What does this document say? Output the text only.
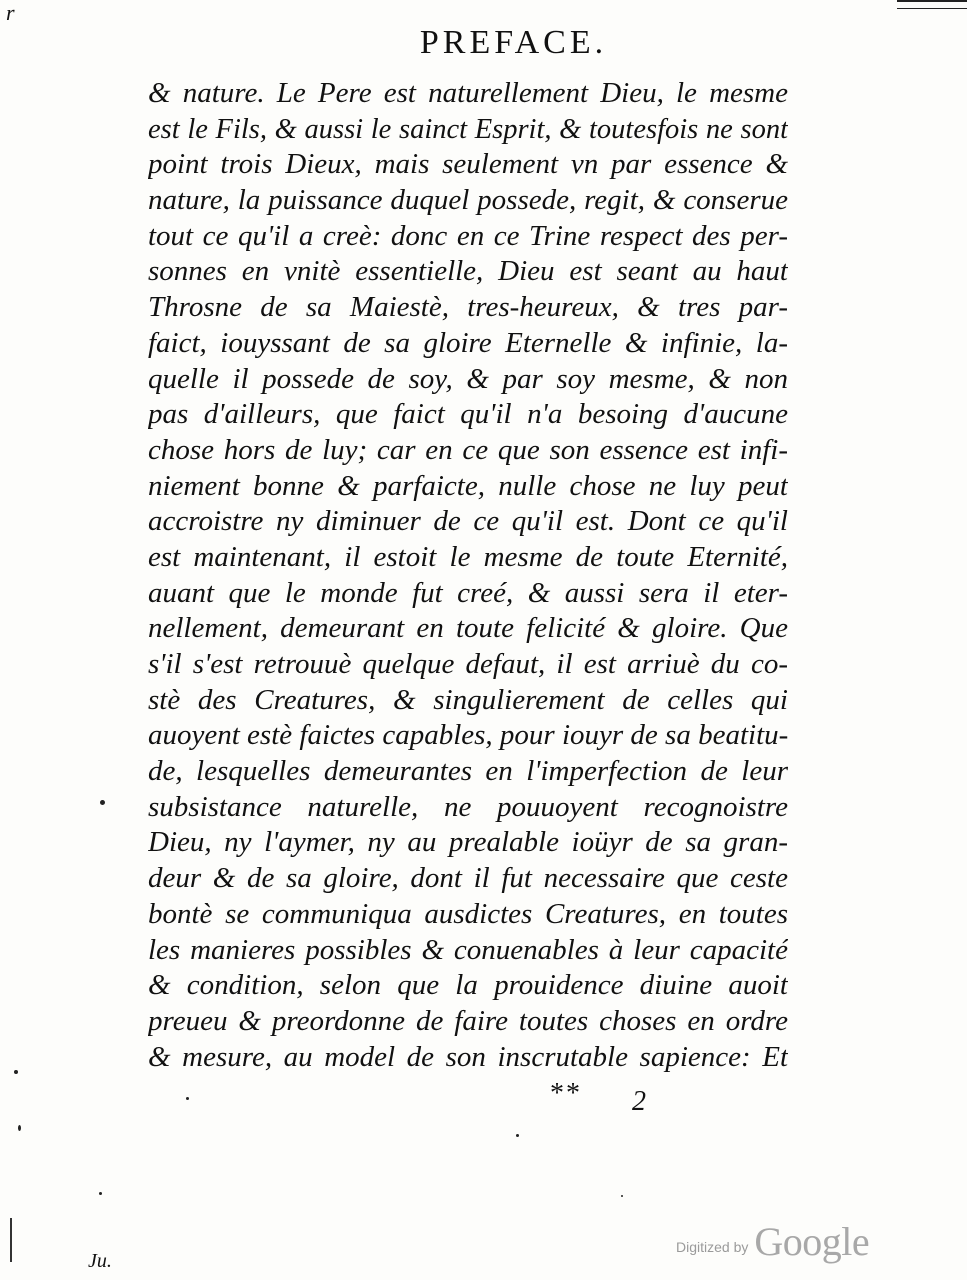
r
PREFACE.
& nature. Le Pere est naturellement Dieu, le mesme
est le Fils, & aussi le sainct Esprit, & toutesfois ne sont
point trois Dieux, mais seulement vn par essence &
nature, la puissance duquel possede, regit, & conserue
tout ce qu'il a creè: donc en ce Trine respect des per-
sonnes en vnitè essentielle, Dieu est seant au haut
Throsne de sa Maiestè, tres-heureux, & tres par-
faict, iouyssant de sa gloire Eternelle & infinie, la-
quelle il possede de soy, & par soy mesme, & non
pas d'ailleurs, que faict qu'il n'a besoing d'aucune
chose hors de luy; car en ce que son essence est infi-
niement bonne & parfaicte, nulle chose ne luy peut
accroistre ny diminuer de ce qu'il est. Dont ce qu'il
est maintenant, il estoit le mesme de toute Eternité,
auant que le monde fut creé, & aussi sera il eter-
nellement, demeurant en toute felicité & gloire. Que
s'il s'est retrouuè quelque defaut, il est arriuè du co-
stè des Creatures, & singulierement de celles qui
auoyent estè faictes capables, pour iouyr de sa beatitu-
de, lesquelles demeurantes en l'imperfection de leur
subsistance naturelle, ne pouuoyent recognoistre
Dieu, ny l'aymer, ny au prealable ioüyr de sa gran-
deur & de sa gloire, dont il fut necessaire que ceste
bontè se communiqua ausdictes Creatures, en toutes
les manieres possibles & conuenables à leur capacité
& condition, selon que la prouidence diuine auoit
preueu & preordonne de faire toutes choses en ordre
& mesure, au model de son inscrutable sapience: Et
** 2
Ju.
Digitized by Google
